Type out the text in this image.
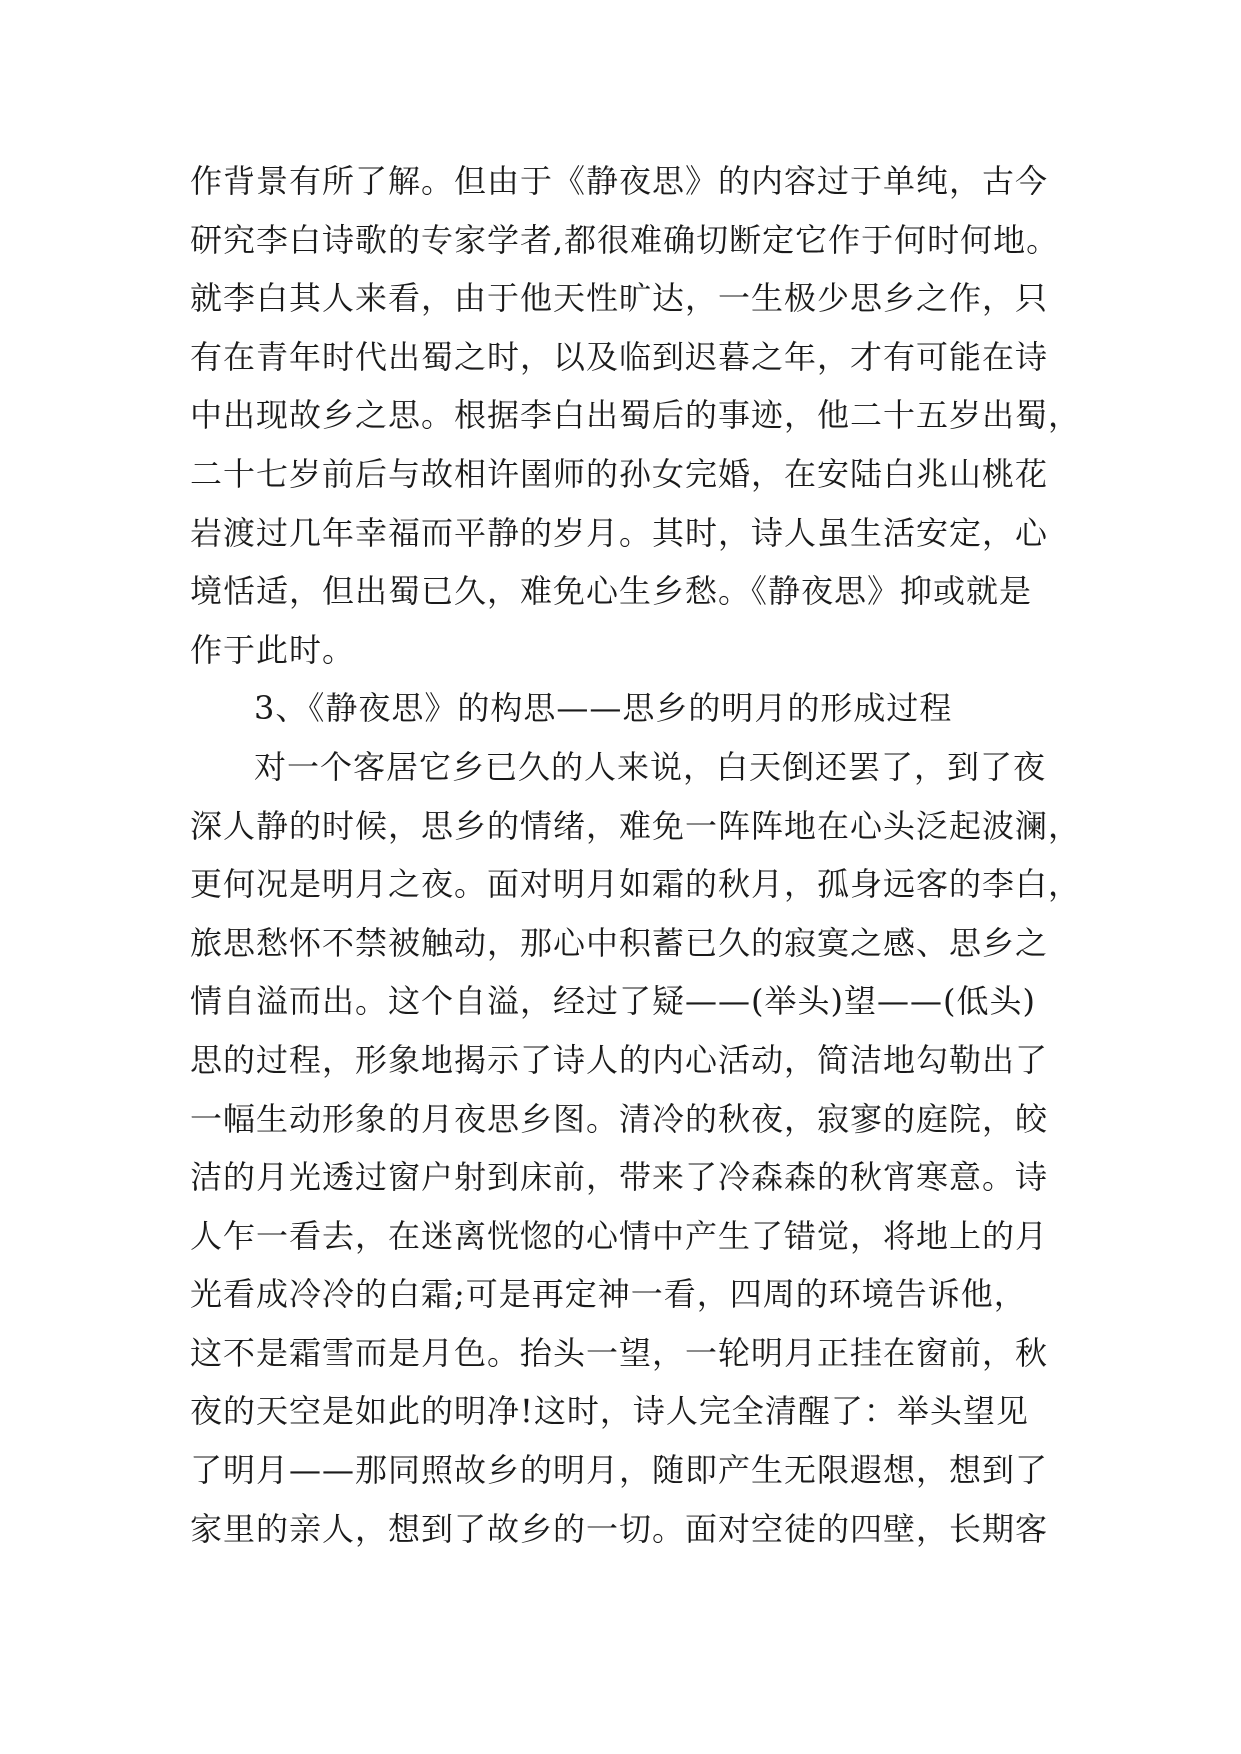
作背景有所了解。但由于《静夜思》的内容过于单纯，古今
研究李白诗歌的专家学者,都很难确切断定它作于何时何地。
就李白其人来看，由于他天性旷达，一生极少思乡之作，只
有在青年时代出蜀之时，以及临到迟暮之年，才有可能在诗
中出现故乡之思。根据李白出蜀后的事迹，他二十五岁出蜀，
二十七岁前后与故相许圉师的孙女完婚，在安陆白兆山桃花
岩渡过几年幸福而平静的岁月。其时，诗人虽生活安定，心
境恬适，但出蜀已久，难免心生乡愁。《静夜思》抑或就是
作于此时。
3、《静夜思》的构思——思乡的明月的形成过程
对一个客居它乡已久的人来说，白天倒还罢了，到了夜
深人静的时候，思乡的情绪，难免一阵阵地在心头泛起波澜，
更何况是明月之夜。面对明月如霜的秋月，孤身远客的李白，
旅思愁怀不禁被触动，那心中积蓄已久的寂寞之感、思乡之
情自溢而出。这个自溢，经过了疑——(举头)望——(低头)
思的过程，形象地揭示了诗人的内心活动，简洁地勾勒出了
一幅生动形象的月夜思乡图。清冷的秋夜，寂寥的庭院，皎
洁的月光透过窗户射到床前，带来了冷森森的秋宵寒意。诗
人乍一看去，在迷离恍惚的心情中产生了错觉，将地上的月
光看成冷冷的白霜;可是再定神一看，四周的环境告诉他，
这不是霜雪而是月色。抬头一望，一轮明月正挂在窗前，秋
夜的天空是如此的明净!这时，诗人完全清醒了：举头望见
了明月——那同照故乡的明月，随即产生无限遐想，想到了
家里的亲人，想到了故乡的一切。面对空徒的四壁，长期客
